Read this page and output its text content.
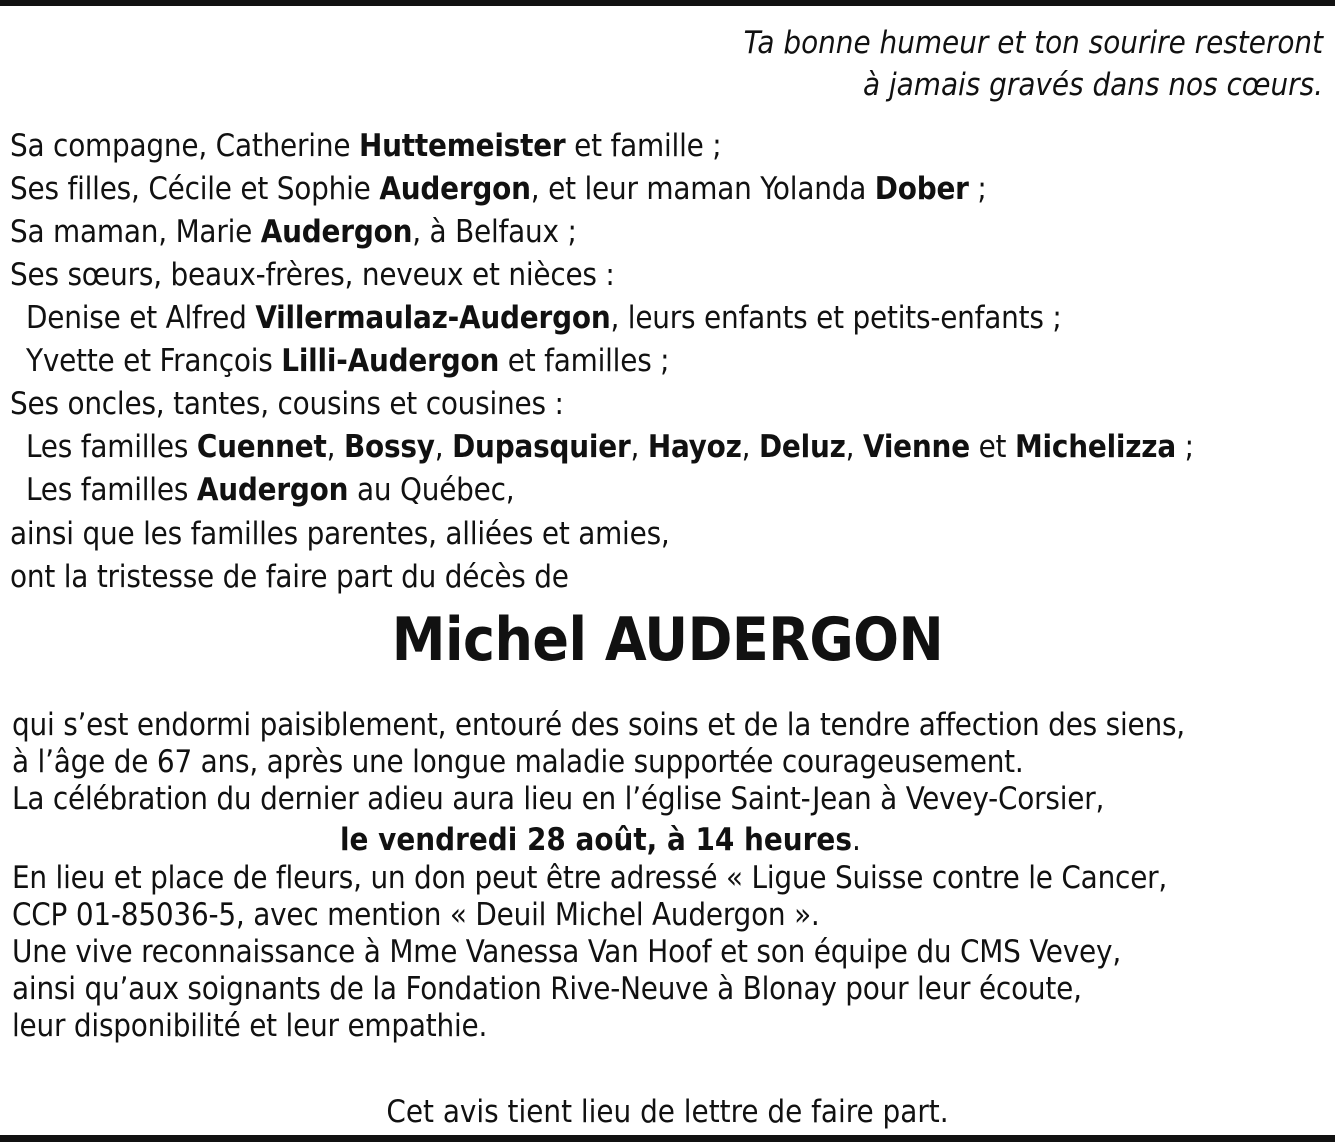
Ta bonne humeur et ton sourire resteront
à jamais gravés dans nos cœurs.
Sa compagne, Catherine Huttemeister et famille ;
Ses filles, Cécile et Sophie Audergon, et leur maman Yolanda Dober ;
Sa maman, Marie Audergon, à Belfaux ;
Ses sœurs, beaux-frères, neveux et nièces :
Denise et Alfred Villermaulaz-Audergon, leurs enfants et petits-enfants ;
Yvette et François Lilli-Audergon et familles ;
Ses oncles, tantes, cousins et cousines :
Les familles Cuennet, Bossy, Dupasquier, Hayoz, Deluz, Vienne et Michelizza ;
Les familles Audergon au Québec,
ainsi que les familles parentes, alliées et amies,
ont la tristesse de faire part du décès de
Michel AUDERGON
qui s’est endormi paisiblement, entouré des soins et de la tendre affection des siens,
à l’âge de 67 ans, après une longue maladie supportée courageusement.
La célébration du dernier adieu aura lieu en l’église Saint-Jean à Vevey-Corsier,
le vendredi 28 août, à 14 heures.
En lieu et place de fleurs, un don peut être adressé « Ligue Suisse contre le Cancer,
CCP 01-85036-5, avec mention « Deuil Michel Audergon ».
Une vive reconnaissance à Mme Vanessa Van Hoof et son équipe du CMS Vevey,
ainsi qu’aux soignants de la Fondation Rive-Neuve à Blonay pour leur écoute,
leur disponibilité et leur empathie.
Cet avis tient lieu de lettre de faire part.
